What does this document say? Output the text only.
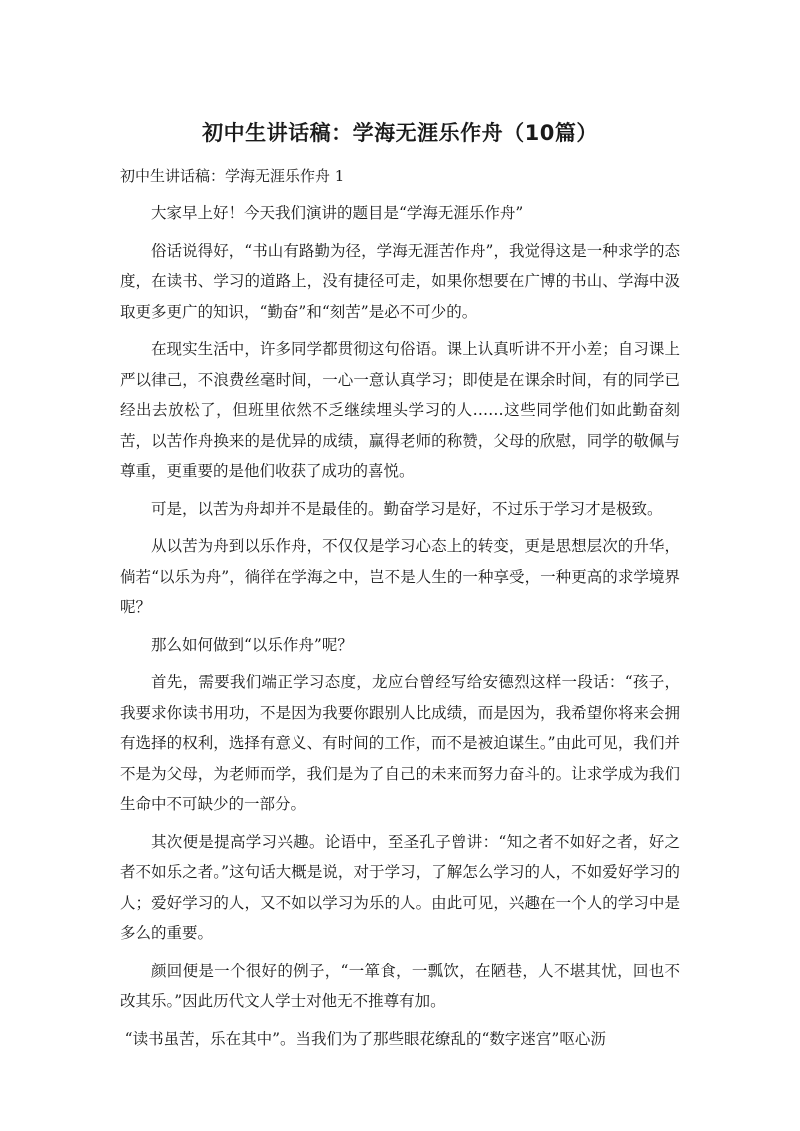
初中生讲话稿：学海无涯乐作舟（10篇）
初中生讲话稿：学海无涯乐作舟 1

大家早上好！今天我们演讲的题目是“学海无涯乐作舟”

俗话说得好，“书山有路勤为径，学海无涯苦作舟”，我觉得这是一种求学的态度，在读书、学习的道路上，没有捷径可走，如果你想要在广博的书山、学海中汲取更多更广的知识，“勤奋”和“刻苦”是必不可少的。

在现实生活中，许多同学都贯彻这句俗语。课上认真听讲不开小差；自习课上严以律己，不浪费丝毫时间，一心一意认真学习；即使是在课余时间，有的同学已经出去放松了，但班里依然不乏继续埋头学习的人……这些同学他们如此勤奋刻苦，以苦作舟换来的是优异的成绩，赢得老师的称赞，父母的欣慰，同学的敬佩与尊重，更重要的是他们收获了成功的喜悦。

可是，以苦为舟却并不是最佳的。勤奋学习是好，不过乐于学习才是极致。

从以苦为舟到以乐作舟，不仅仅是学习心态上的转变，更是思想层次的升华，倘若“以乐为舟”，徜徉在学海之中，岂不是人生的一种享受，一种更高的求学境界呢？

那么如何做到“以乐作舟”呢？

首先，需要我们端正学习态度，龙应台曾经写给安德烈这样一段话：“孩子，我要求你读书用功，不是因为我要你跟别人比成绩，而是因为，我希望你将来会拥有选择的权利，选择有意义、有时间的工作，而不是被迫谋生。”由此可见，我们并不是为父母，为老师而学，我们是为了自己的未来而努力奋斗的。让求学成为我们生命中不可缺少的一部分。

其次便是提高学习兴趣。论语中，至圣孔子曾讲：“知之者不如好之者，好之者不如乐之者。”这句话大概是说，对于学习，了解怎么学习的人，不如爱好学习的人；爱好学习的人，又不如以学习为乐的人。由此可见，兴趣在一个人的学习中是多么的重要。

颜回便是一个很好的例子，“一箪食，一瓢饮，在陋巷，人不堪其忧，回也不改其乐。”因此历代文人学士对他无不推尊有加。

“读书虽苦，乐在其中”。当我们为了那些眼花缭乱的“数字迷宫”呕心沥
